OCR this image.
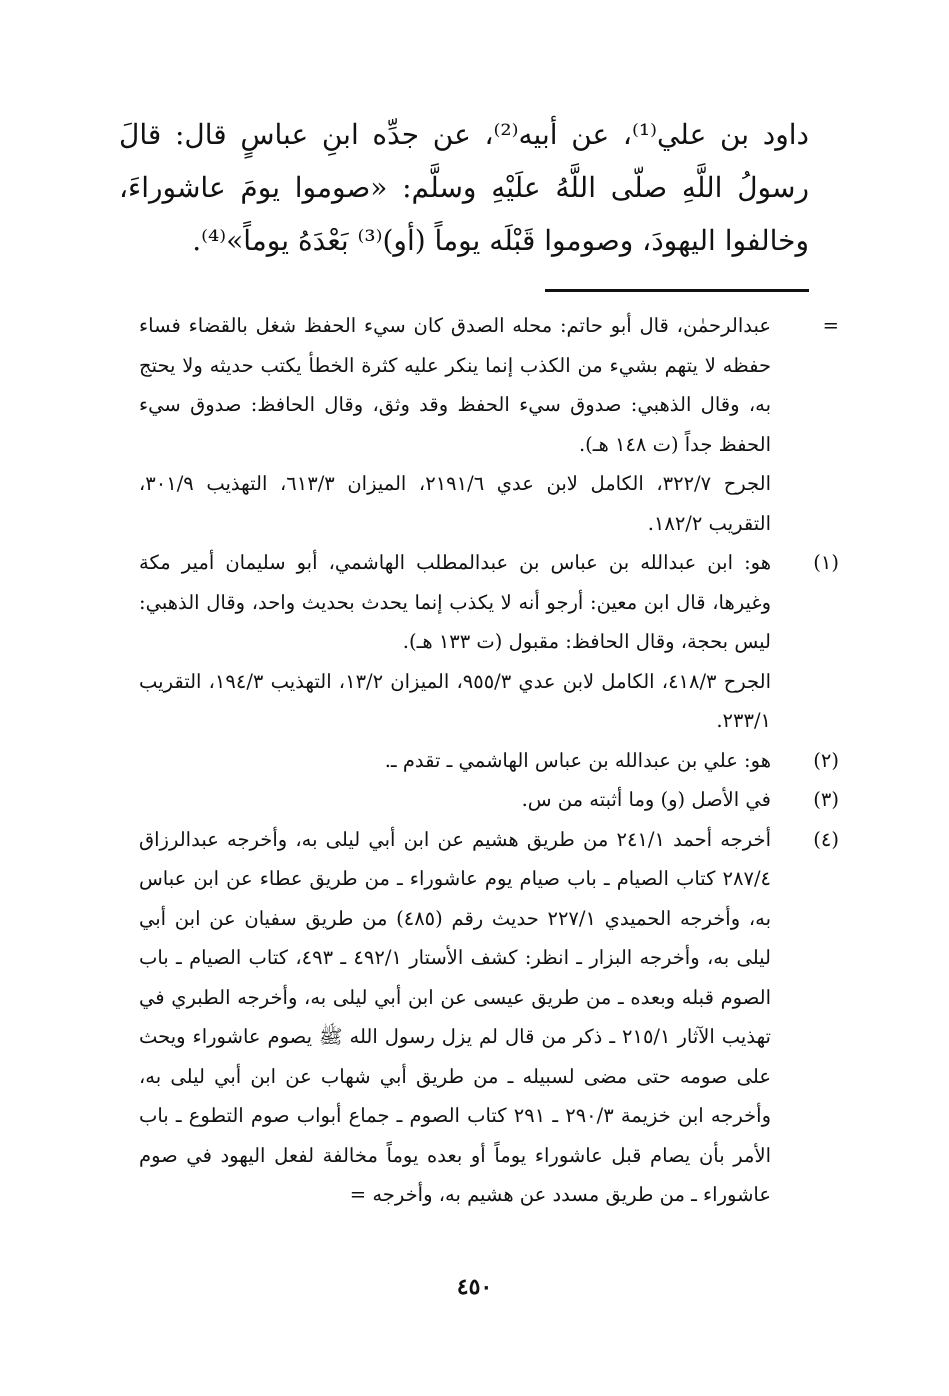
داود بن علي⁽¹⁾، عن أبيه⁽²⁾، عن جدِّه ابنِ عباسٍ قال: قالَ رسولُ اللَّهِ صلّى اللَّهُ علَيْهِ وسلَّم: «صوموا يومَ عاشوراءَ، وخالفوا اليهودَ، وصوموا قَبْلَه يوماً (أو)⁽³⁾ بَعْدَهُ يوماً»⁽⁴⁾.

=

عبدالرحمٰن، قال أبو حاتم: محله الصدق كان سيء الحفظ شغل بالقضاء فساء حفظه لا يتهم بشيء من الكذب إنما ينكر عليه كثرة الخطأ يكتب حديثه ولا يحتج به، وقال الذهبي: صدوق سيء الحفظ وقد وثق، وقال الحافظ: صدوق سيء الحفظ جداً (ت ١٤٨ هـ).

الجرح ٣٢٢/٧، الكامل لابن عدي ٢١٩١/٦، الميزان ٦١٣/٣، التهذيب ٣٠١/٩، التقريب ١٨٢/٢.

(١)

هو: ابن عبدالله بن عباس بن عبدالمطلب الهاشمي، أبو سليمان أمير مكة وغيرها، قال ابن معين: أرجو أنه لا يكذب إنما يحدث بحديث واحد، وقال الذهبي: ليس بحجة، وقال الحافظ: مقبول (ت ١٣٣ هـ).

الجرح ٤١٨/٣، الكامل لابن عدي ٩٥٥/٣، الميزان ١٣/٢، التهذيب ١٩٤/٣، التقريب ٢٣٣/١.

(٢)

هو: علي بن عبدالله بن عباس الهاشمي ـ تقدم ـ.

(٣)

في الأصل (و) وما أثبته من س.

(٤)

أخرجه أحمد ٢٤١/١ من طريق هشيم عن ابن أبي ليلى به، وأخرجه عبدالرزاق ٢٨٧/٤ كتاب الصيام ـ باب صيام يوم عاشوراء ـ من طريق عطاء عن ابن عباس به، وأخرجه الحميدي ٢٢٧/١ حديث رقم (٤٨٥) من طريق سفيان عن ابن أبي ليلى به، وأخرجه البزار ـ انظر: كشف الأستار ٤٩٢/١ ـ ٤٩٣، كتاب الصيام ـ باب الصوم قبله وبعده ـ من طريق عيسى عن ابن أبي ليلى به، وأخرجه الطبري في تهذيب الآثار ٢١٥/١ ـ ذكر من قال لم يزل رسول الله ﷺ يصوم عاشوراء ويحث على صومه حتى مضى لسبيله ـ من طريق أبي شهاب عن ابن أبي ليلى به، وأخرجه ابن خزيمة ٢٩٠/٣ ـ ٢٩١ كتاب الصوم ـ جماع أبواب صوم التطوع ـ باب الأمر بأن يصام قبل عاشوراء يوماً أو بعده يوماً مخالفة لفعل اليهود في صوم عاشوراء ـ من طريق مسدد عن هشيم به، وأخرجه =

٤٥٠
